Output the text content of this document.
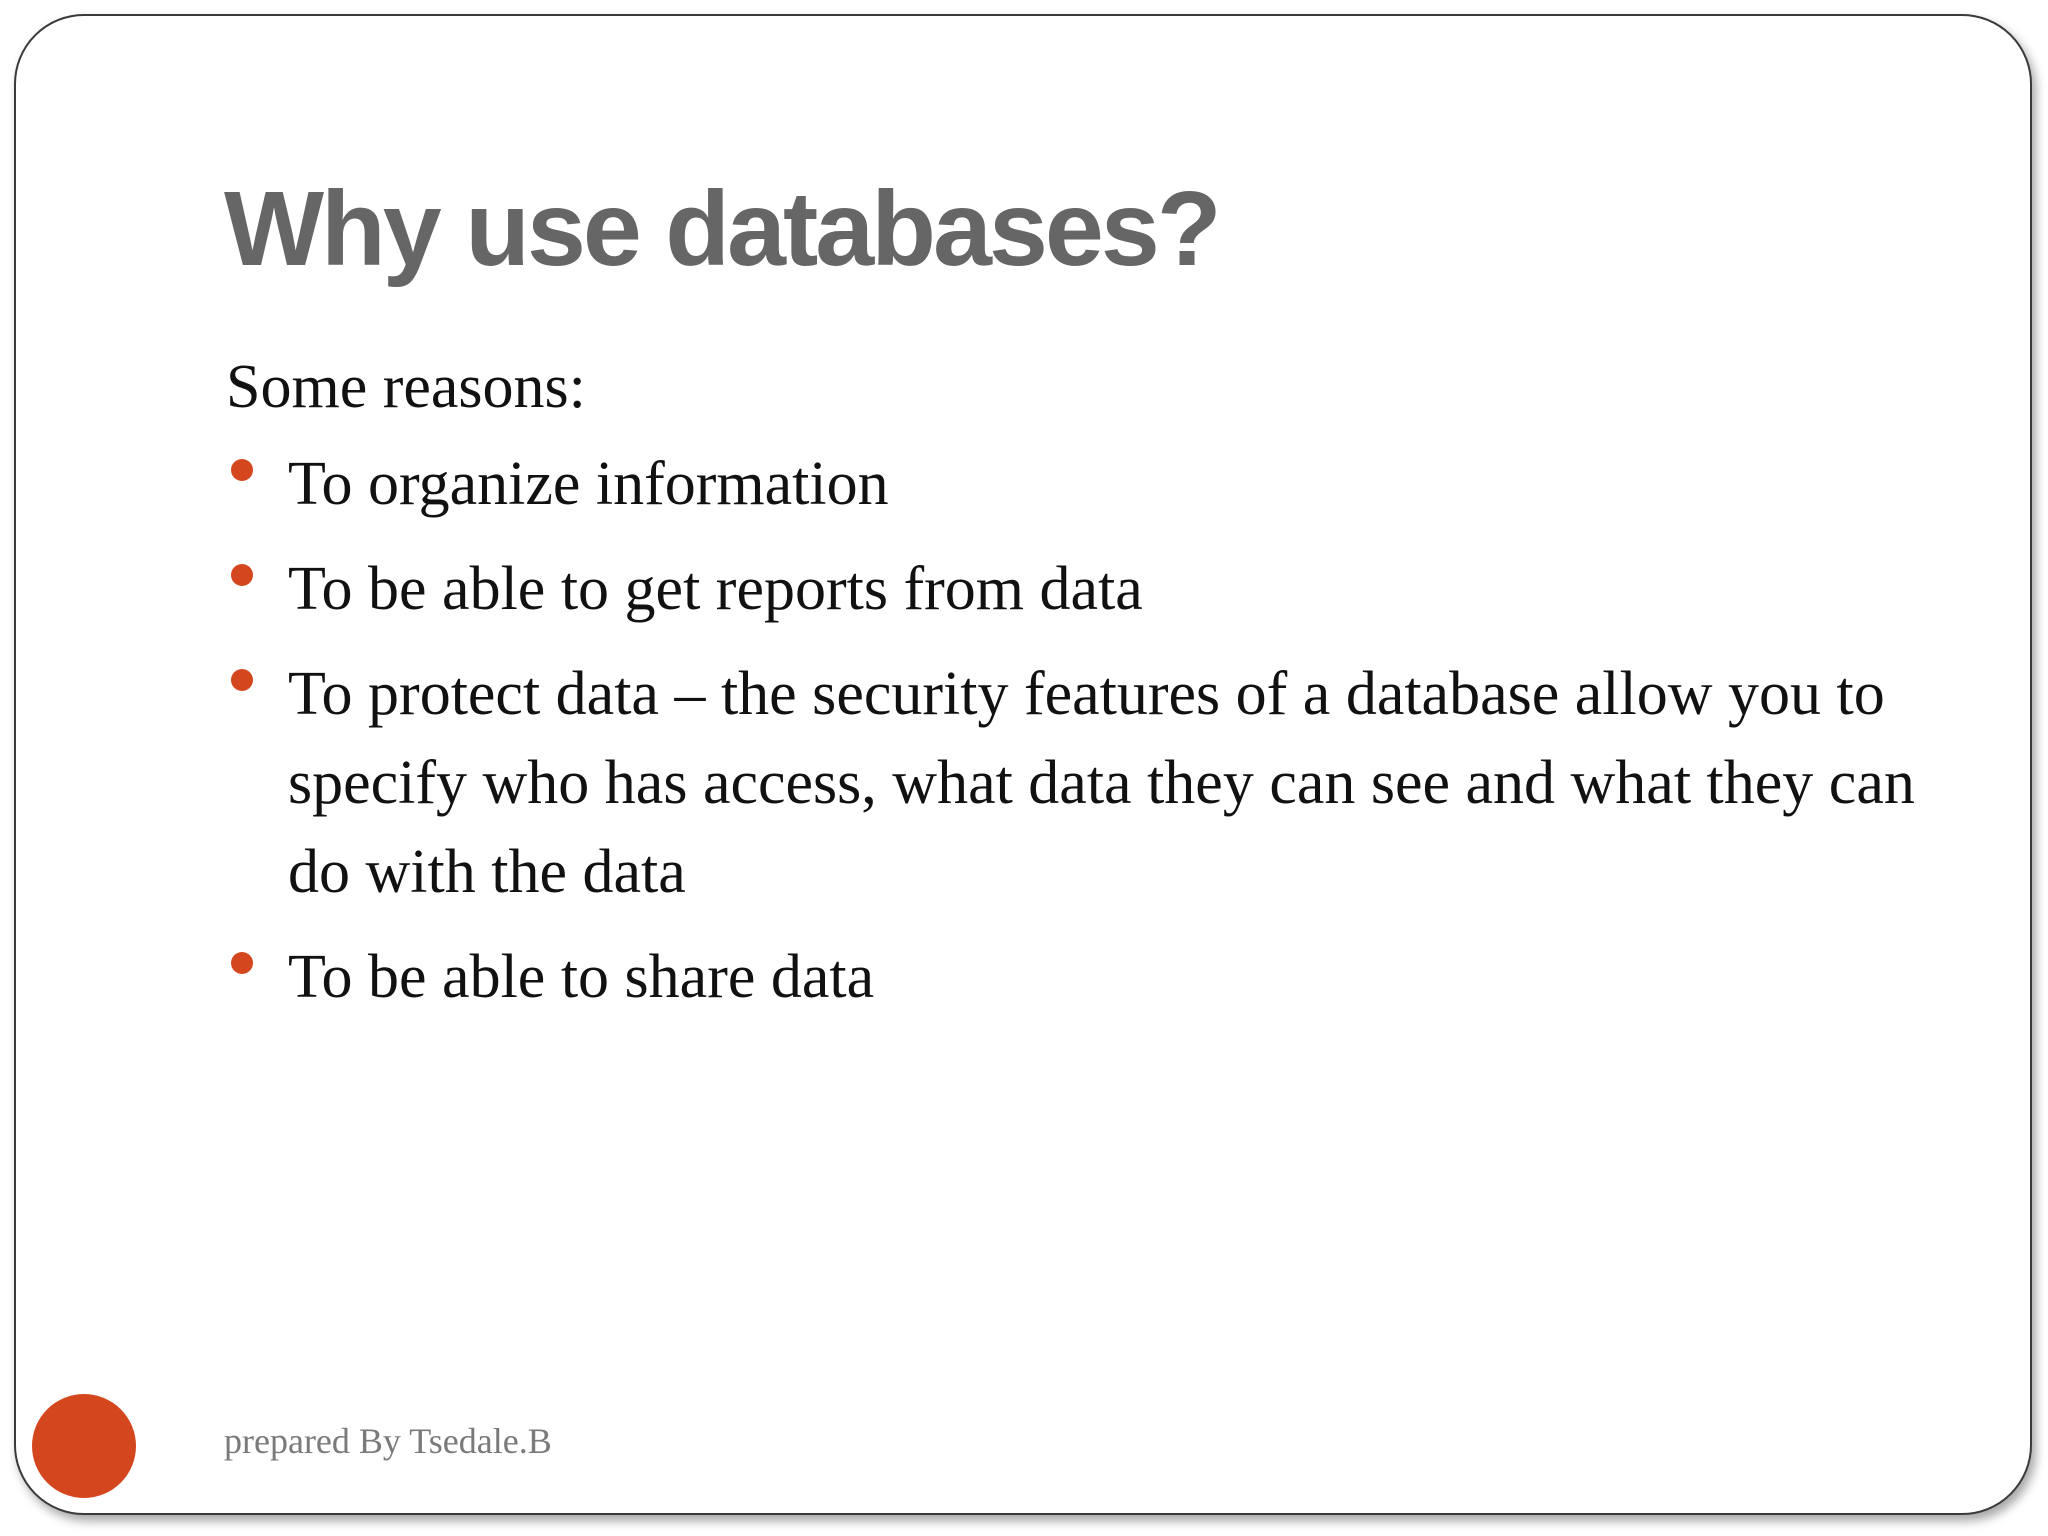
Why use databases?

Some reasons:

To organize information
To be able to get reports from data
To protect data – the security features of a database allow you to specify who has access, what data they can see and what they can do with the data
To be able to share data
prepared By Tsedale.B
